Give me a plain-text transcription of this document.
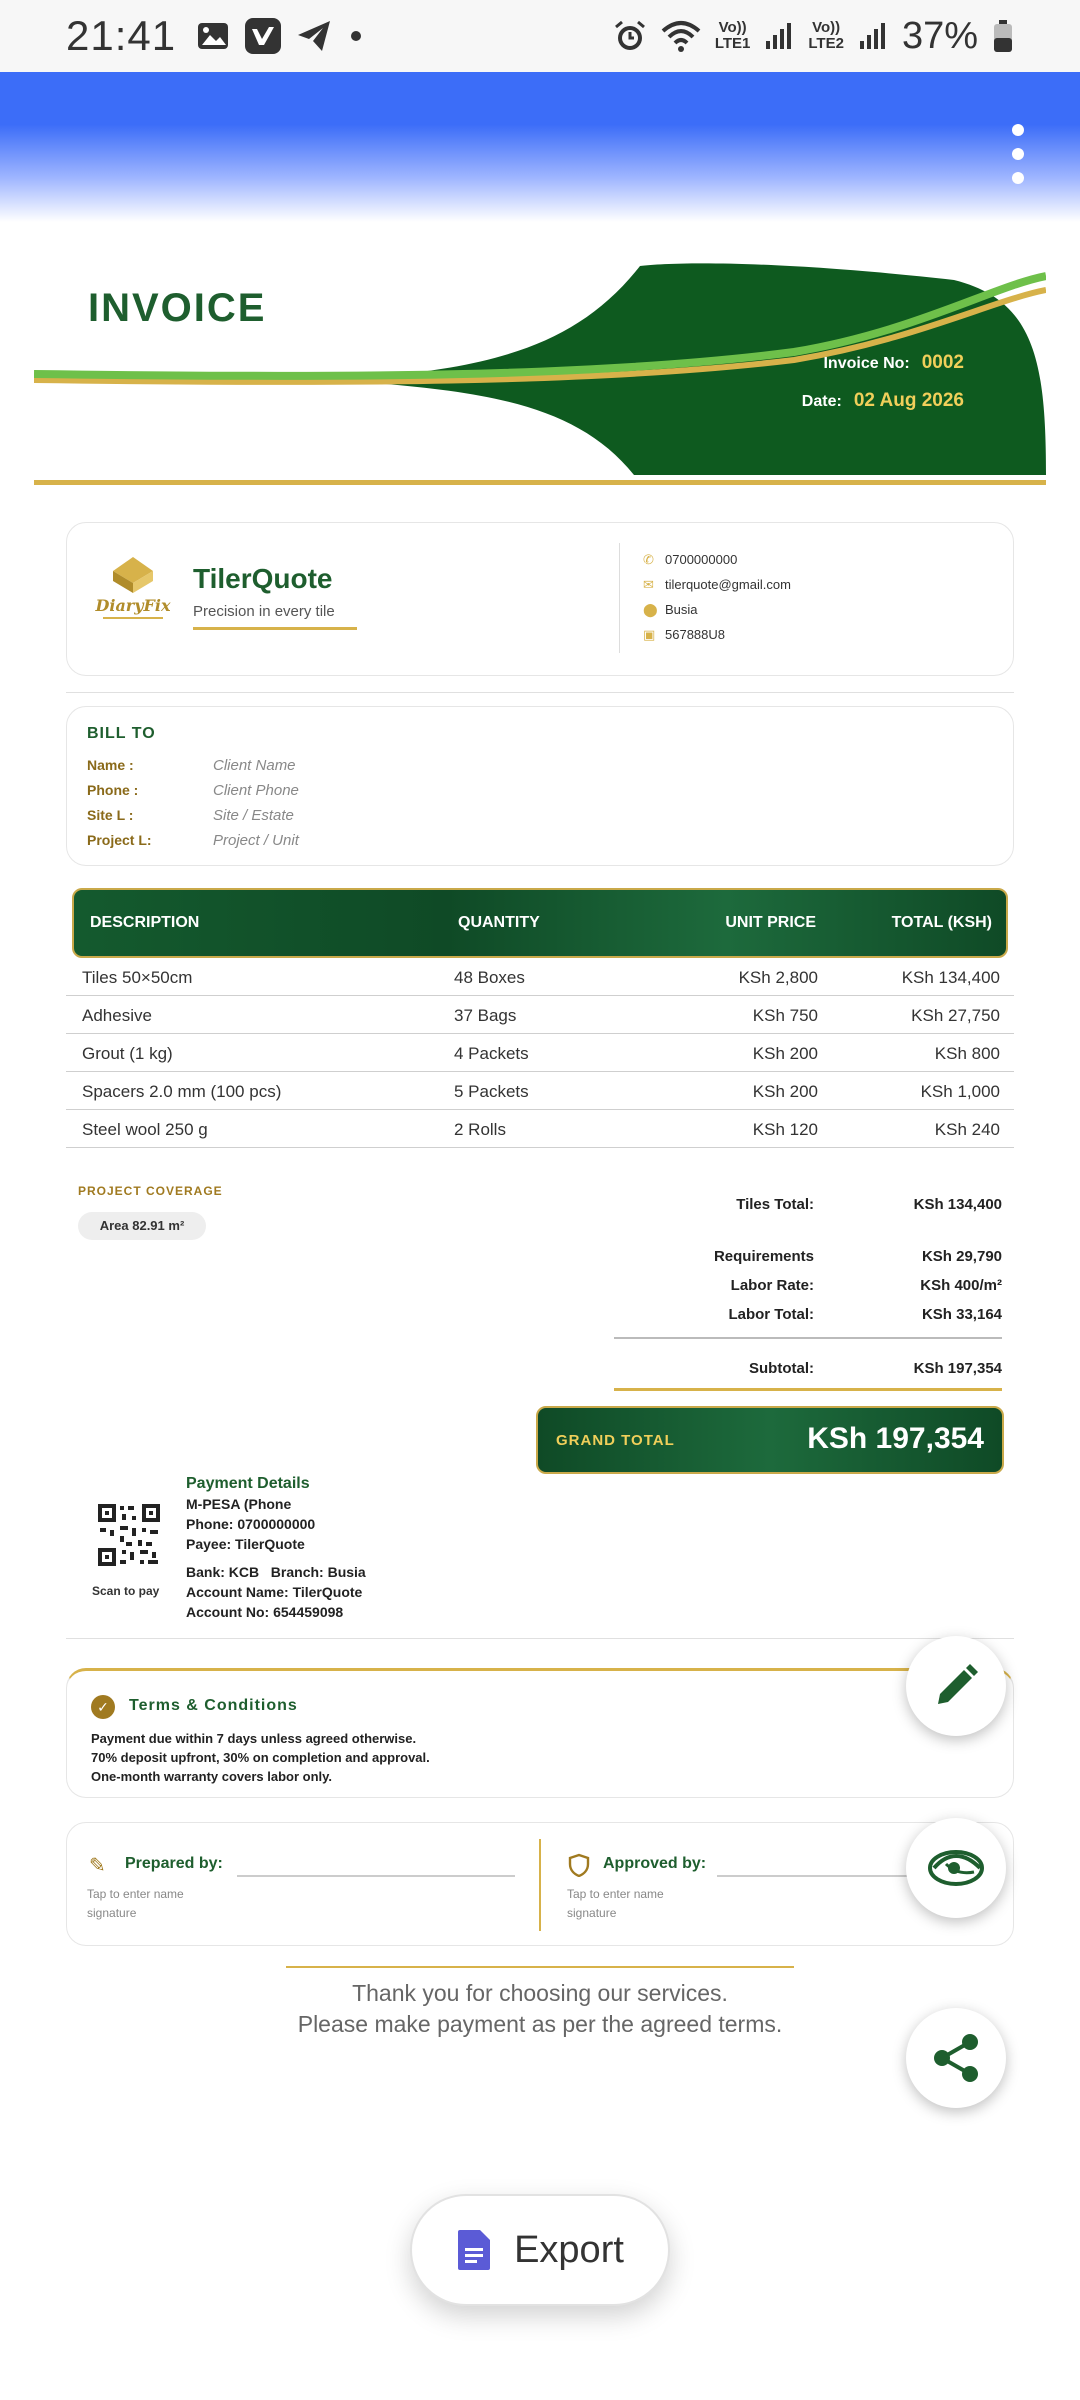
21:41	Vo))
LTE1
Vo))
LTE2 37%
INVOICE
Invoice No: 0002
Date: 02 Aug 2026
DiaryFix
TilerQuote
Precision in every tile
✆ 0700000000
✉ tilerquote@gmail.com
⬤ Busia
▣ 567888U8
BILL TO
Name :	Client Name
Phone :	Client Phone
Site L :	Site / Estate
Project L:	Project / Unit
DESCRIPTION	QUANTITY	UNIT PRICE	TOTAL (KSH)
Tiles 50×50cm	48 Boxes	KSh 2,800	KSh 134,400
Adhesive	37 Bags	KSh 750	KSh 27,750
Grout (1 kg)	4 Packets	KSh 200	KSh 800
Spacers 2.0 mm (100 pcs)	5 Packets	KSh 200	KSh 1,000
Steel wool 250 g	2 Rolls	KSh 120	KSh 240
PROJECT COVERAGE
Area 82.91 m²
Tiles Total:	KSh 134,400
Requirements	KSh 29,790
Labor Rate:	KSh 400/m²
Labor Total:	KSh 33,164
Subtotal:	KSh 197,354
GRAND TOTAL	KSh 197,354
Scan to pay
Payment Details
M-PESA (Phone
Phone: 0700000000
Payee: TilerQuote
Bank: KCB Branch: Busia
Account Name: TilerQuote
Account No: 654459098
✓	Terms & Conditions
Payment due within 7 days unless agreed otherwise.
70% deposit upfront, 30% on completion and approval.
One-month warranty covers labor only.
✎	Prepared by:
Tap to enter name signature
Approved by:
Tap to enter name signature
Thank you for choosing our services.
Please make payment as per the agreed terms.
Export
